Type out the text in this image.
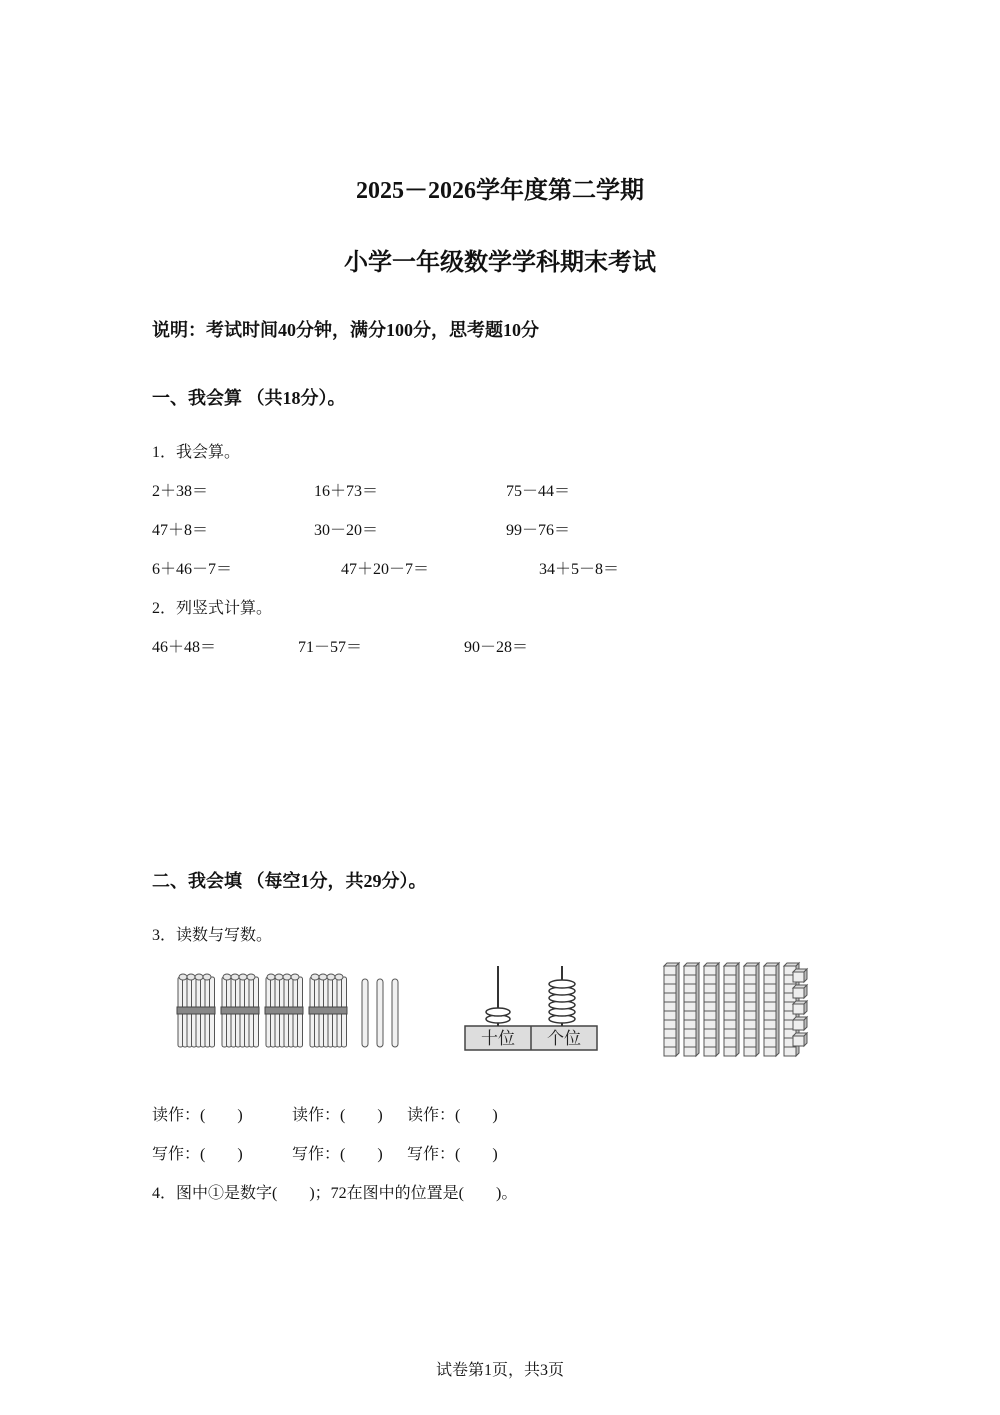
2025－2026学年度第二学期
小学一年级数学学科期末考试
说明：考试时间40分钟，满分100分，思考题10分
一、我会算 （共18分）。
1．我会算。
2＋38＝	16＋73＝	75－44＝
47＋8＝	30－20＝	99－76＝
6＋46－7＝	47＋20－7＝	34＋5－8＝
2．列竖式计算。
46＋48＝	71－57＝	90－28＝
二、我会填 （每空1分，共29分）。
3．读数与写数。
十位 个位
读作：(　　)	读作：(　　) 读作：(　　)
写作：(　　)	写作：(　　) 写作：(　　)
4．图中①是数字(　　)；72在图中的位置是(　　)。
试卷第1页，共3页
